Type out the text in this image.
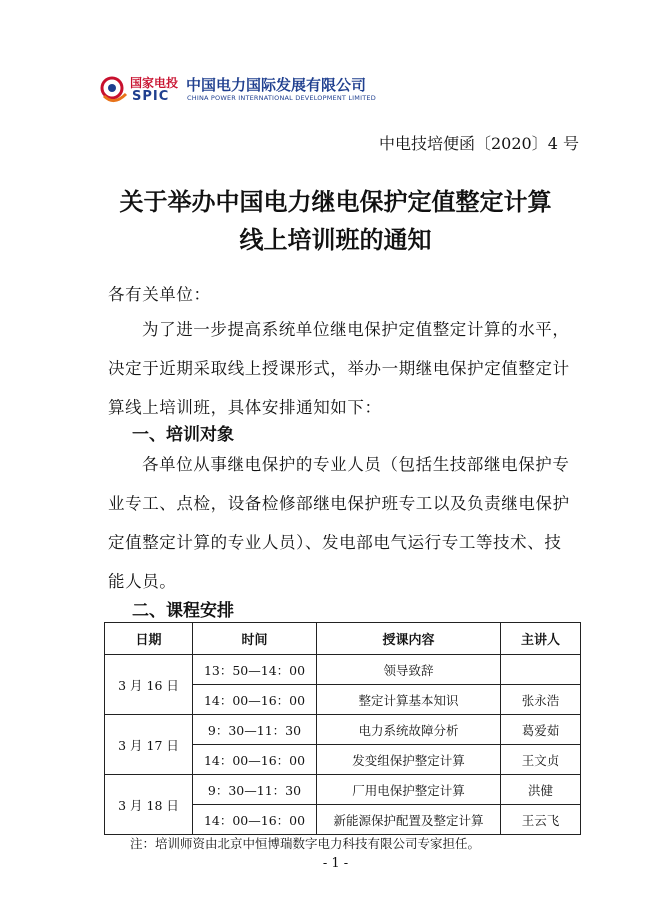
国家电投
SPIC
中国电力国际发展有限公司
CHINA POWER INTERNATIONAL DEVELOPMENT LIMITED
中电技培便函〔2020〕4 号
关于举办中国电力继电保护定值整定计算
线上培训班的通知
各有关单位：
为了进一步提高系统单位继电保护定值整定计算的水平，决定于近期采取线上授课形式，举办一期继电保护定值整定计算线上培训班，具体安排通知如下：
一、培训对象
各单位从事继电保护的专业人员（包括生技部继电保护专业专工、点检，设备检修部继电保护班专工以及负责继电保护定值整定计算的专业人员）、发电部电气运行专工等技术、技能人员。
二、课程安排
日期	时间	授课内容	主讲人
3 月 16 日	13：50—14：00	领导致辞	
	14：00—16：00	整定计算基本知识	张永浩
3 月 17 日	9：30—11：30	电力系统故障分析	葛爱茹
	14：00—16：00	发变组保护整定计算	王文贞
3 月 18 日	9：30—11：30	厂用电保护整定计算	洪健
	14：00—16：00	新能源保护配置及整定计算	王云飞
注：培训师资由北京中恒博瑞数字电力科技有限公司专家担任。
- 1 -
